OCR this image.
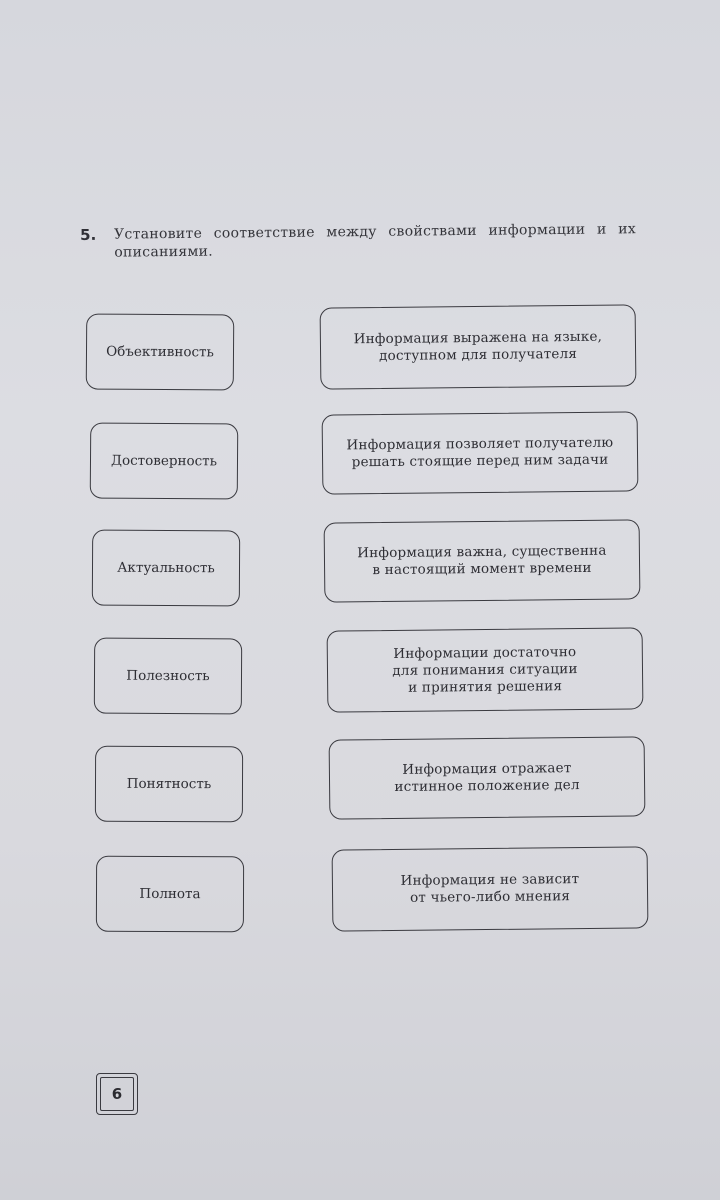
5. Установите соответствие между свойствами информации и их описаниями.
Объективность
Достоверность
Актуальность
Полезность
Понятность
Полнота
Информация выражена на языке,
доступном для получателя
Информация позволяет получателю
решать стоящие перед ним задачи
Информация важна, существенна
в настоящий момент времени
Информации достаточно
для понимания ситуации
и принятия решения
Информация отражает
истинное положение дел
Информация не зависит
от чьего-либо мнения
6
